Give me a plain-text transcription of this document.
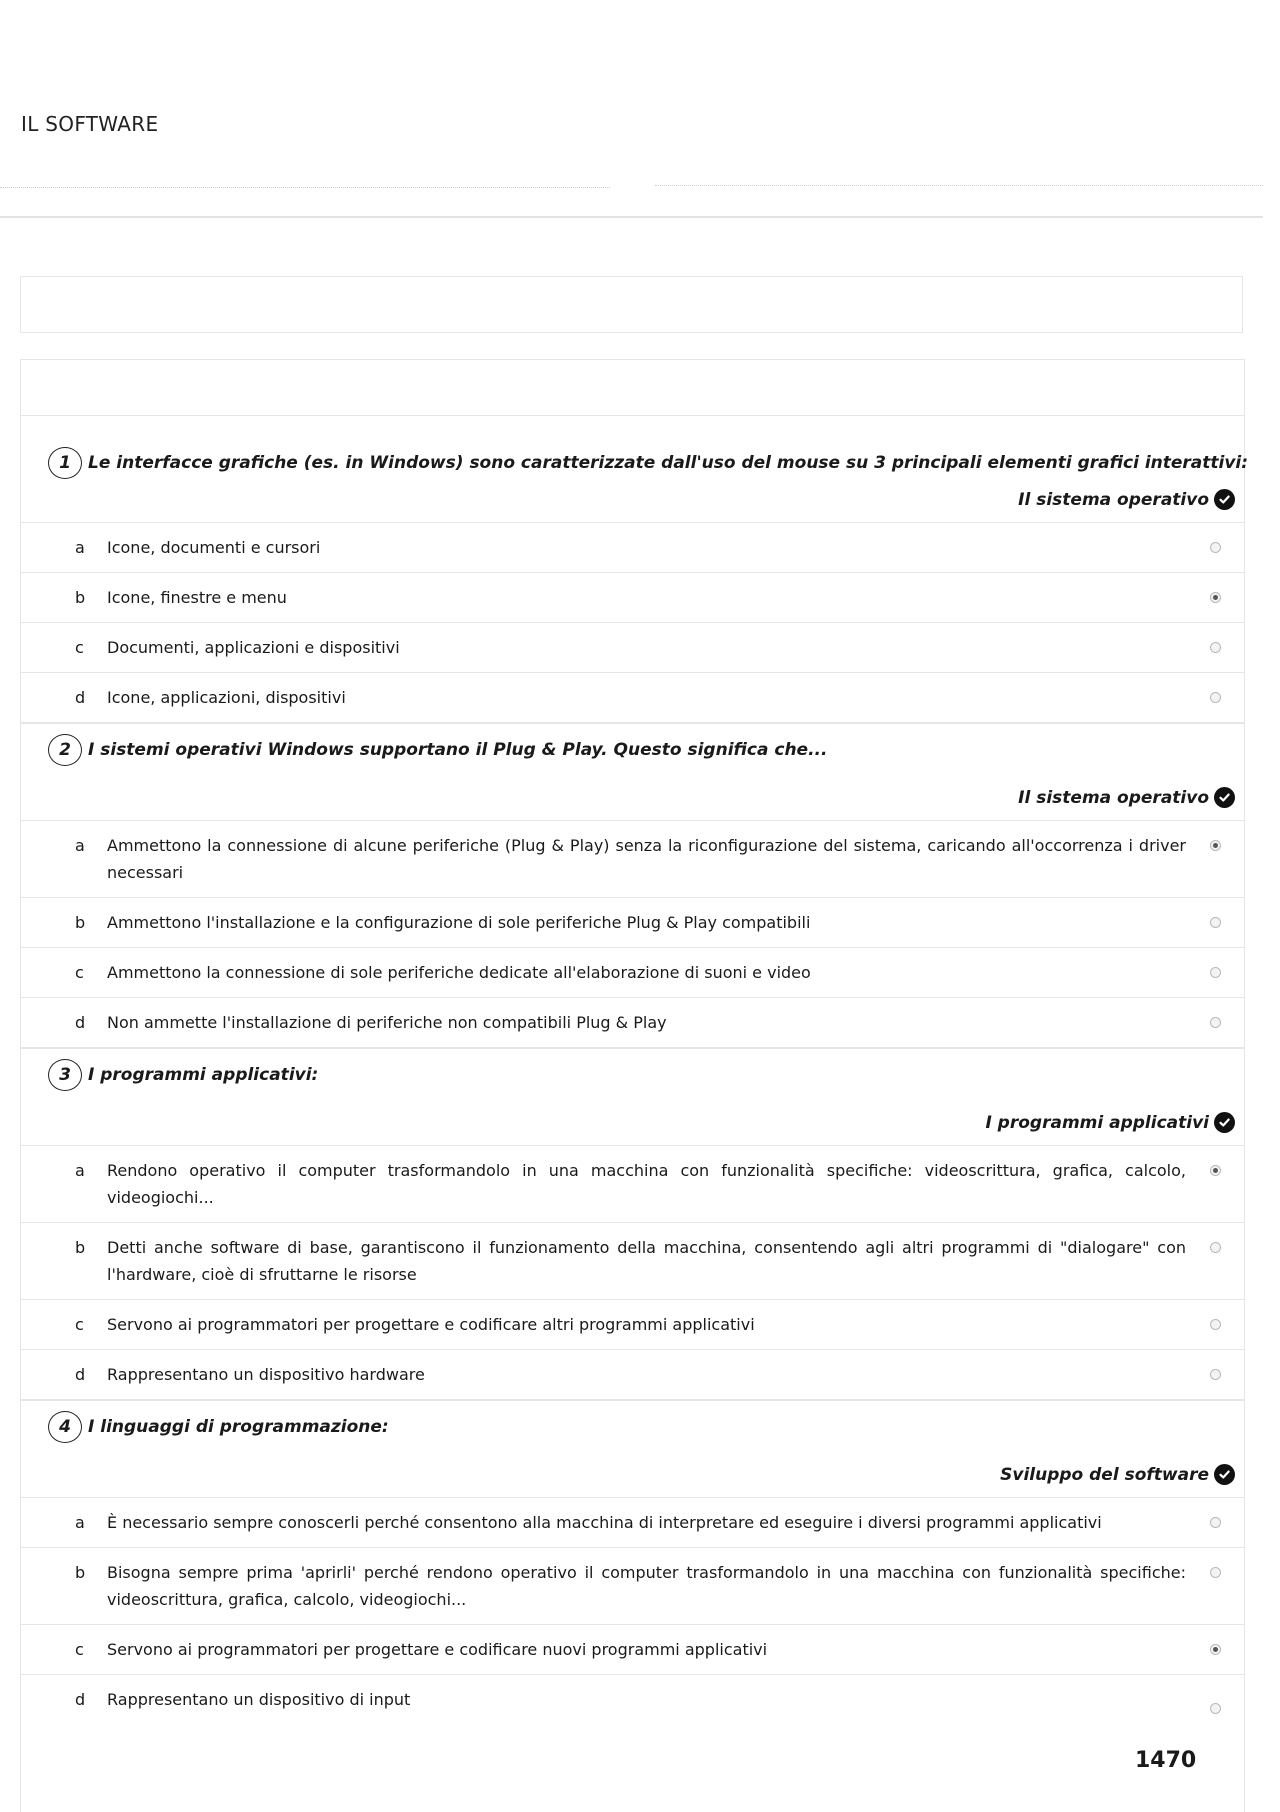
IL SOFTWARE
1	Le interfacce grafiche (es. in Windows) sono caratterizzate dall'uso del mouse su 3 principali elementi grafici interattivi:
Il sistema operativo
a	Icone, documenti e cursori
b	Icone, finestre e menu
c	Documenti, applicazioni e dispositivi
d	Icone, applicazioni, dispositivi
2	I sistemi operativi Windows supportano il Plug & Play. Questo significa che...
Il sistema operativo
a	Ammettono la connessione di alcune periferiche (Plug & Play) senza la riconfigurazione del sistema, caricando all'occorrenza i driver necessari
b	Ammettono l'installazione e la configurazione di sole periferiche Plug & Play compatibili
c	Ammettono la connessione di sole periferiche dedicate all'elaborazione di suoni e video
d	Non ammette l'installazione di periferiche non compatibili Plug & Play
3	I programmi applicativi:
I programmi applicativi
a	Rendono operativo il computer trasformandolo in una macchina con funzionalità specifiche: videoscrittura, grafica, calcolo, videogiochi...
b	Detti anche software di base, garantiscono il funzionamento della macchina, consentendo agli altri programmi di "dialogare" con l'hardware, cioè di sfruttarne le risorse
c	Servono ai programmatori per progettare e codificare altri programmi applicativi
d	Rappresentano un dispositivo hardware
4	I linguaggi di programmazione:
Sviluppo del software
a	È necessario sempre conoscerli perché consentono alla macchina di interpretare ed eseguire i diversi programmi applicativi
b	Bisogna sempre prima 'aprirli' perché rendono operativo il computer trasformandolo in una macchina con funzionalità specifiche: videoscrittura, grafica, calcolo, videogiochi...
c	Servono ai programmatori per progettare e codificare nuovi programmi applicativi
d	Rappresentano un dispositivo di input
1470
